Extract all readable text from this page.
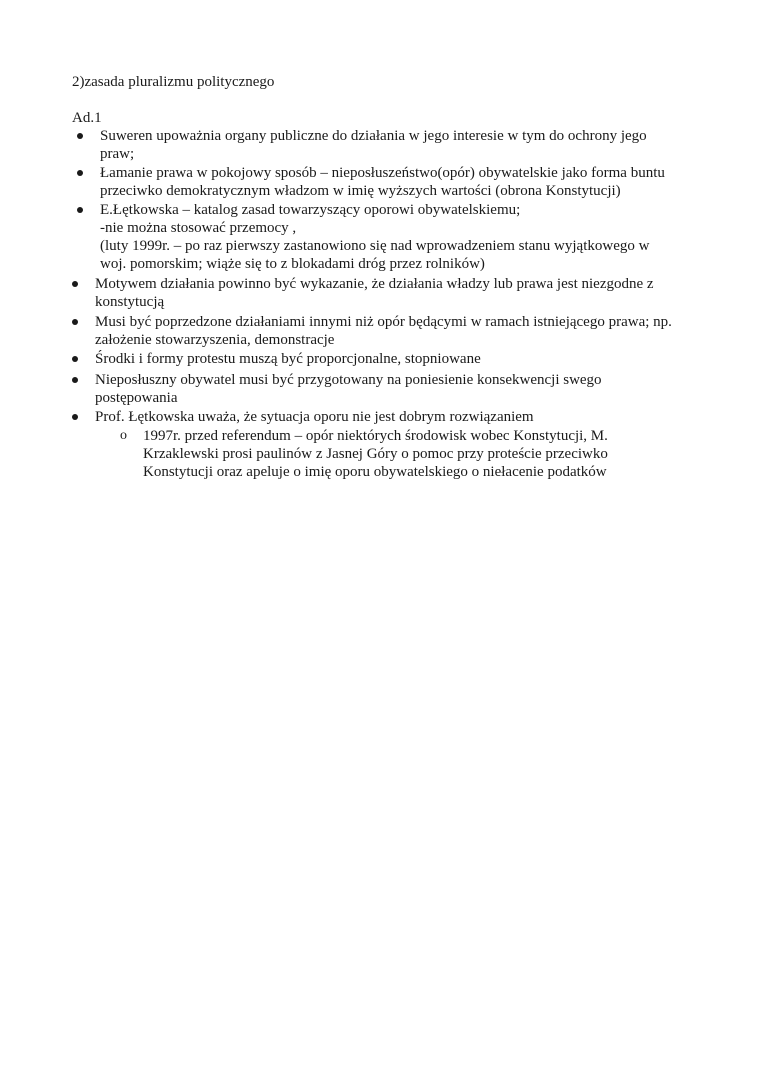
2)zasada pluralizmu politycznego
Ad.1
Suweren upoważnia organy publiczne do działania w jego interesie w tym do ochrony jego
praw;
Łamanie prawa w pokojowy sposób – nieposłuszeństwo(opór) obywatelskie jako forma buntu
przeciwko demokratycznym władzom w imię wyższych wartości (obrona Konstytucji)
E.Łętkowska – katalog zasad towarzyszący oporowi obywatelskiemu;
-nie można stosować przemocy ,
(luty 1999r. – po raz pierwszy zastanowiono się nad wprowadzeniem stanu wyjątkowego w
woj. pomorskim; wiąże się to z blokadami dróg przez rolników)
Motywem działania powinno być wykazanie, że działania władzy lub prawa jest niezgodne z
konstytucją
Musi być poprzedzone działaniami innymi niż opór będącymi w ramach istniejącego prawa; np.
założenie stowarzyszenia, demonstracje
Środki i formy protestu muszą być proporcjonalne, stopniowane
Nieposłuszny obywatel musi być przygotowany na poniesienie konsekwencji swego
postępowania
Prof. Łętkowska uważa, że sytuacja oporu nie jest dobrym rozwiązaniem
o 1997r. przed referendum – opór niektórych środowisk wobec Konstytucji, M.
Krzaklewski prosi paulinów z Jasnej Góry o pomoc przy proteście przeciwko
Konstytucji oraz apeluje o imię oporu obywatelskiego o niełacenie podatków
